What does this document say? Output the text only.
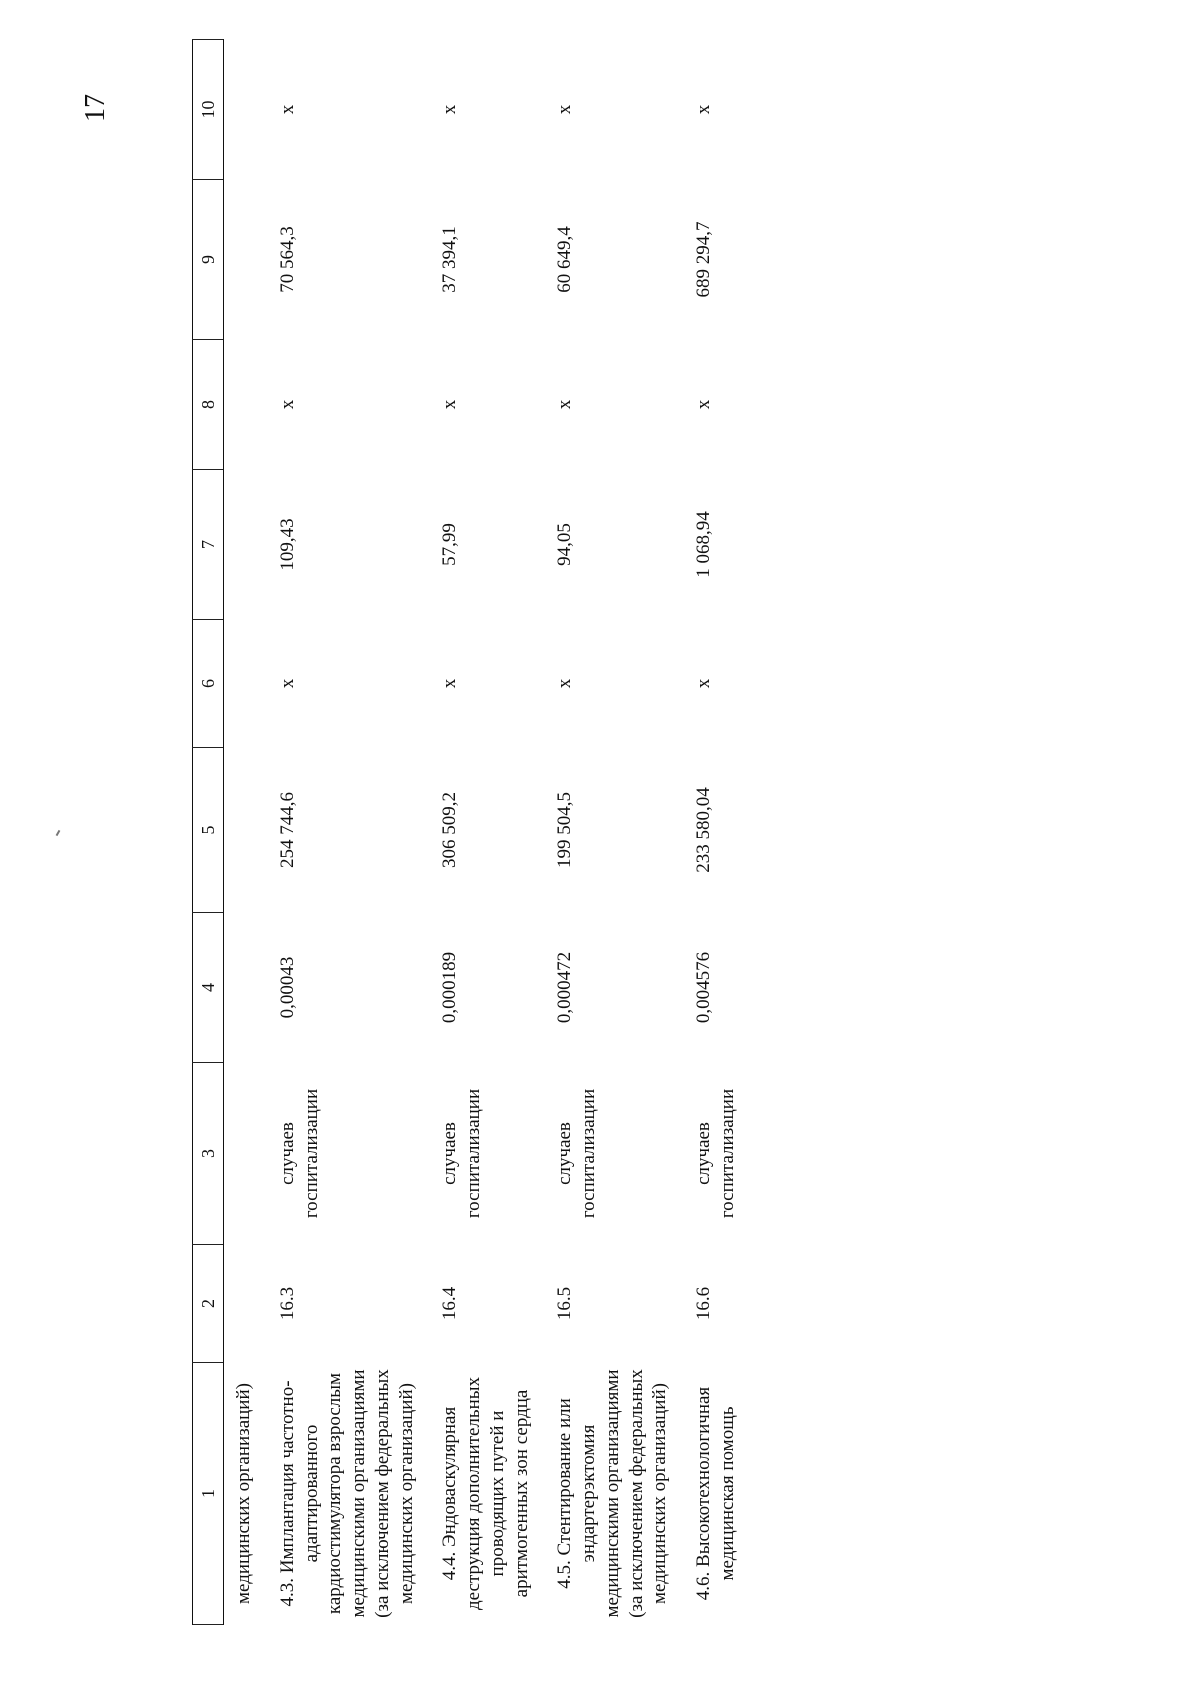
17
1	2	3	4	5	6	7	8	9	10
медицинских организаций)									
4.3. Имплантация частотно-адаптированного кардиостимулятора взрослым медицинскими организациями (за исключением федеральных медицинских организаций)	16.3	случаев госпитализации	0,00043	254 744,6	х	109,43	х	70 564,3	х
4.4. Эндоваскулярная деструкция дополнительных проводящих путей и аритмогенных зон сердца	16.4	случаев госпитализации	0,000189	306 509,2	х	57,99	х	37 394,1	х
4.5. Стентирование или эндартерэктомия медицинскими организациями (за исключением федеральных медицинских организаций)	16.5	случаев госпитализации	0,000472	199 504,5	х	94,05	х	60 649,4	х
4.6. Высокотехнологичная медицинская помощь	16.6	случаев госпитализации	0,004576	233 580,04	х	1 068,94	х	689 294,7	х
